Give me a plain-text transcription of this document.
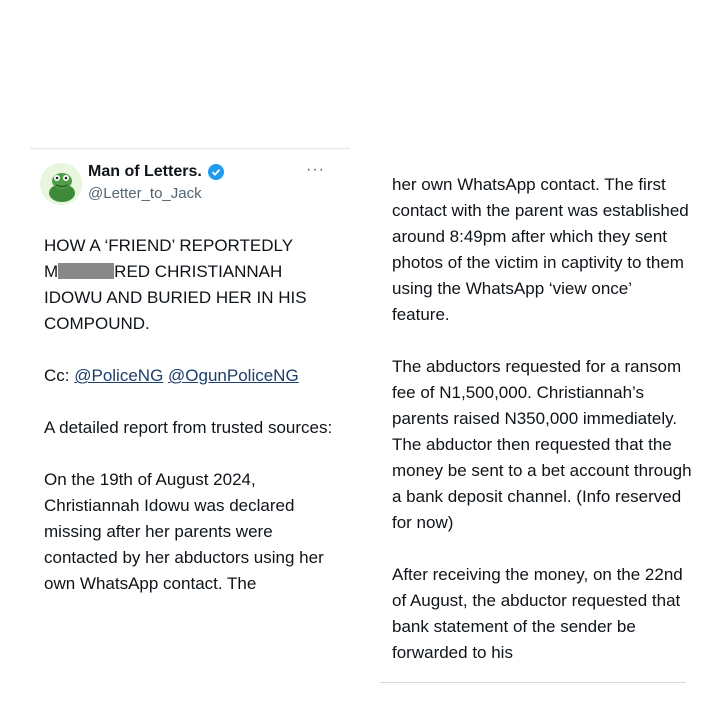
Man of Letters.
@Letter_to_Jack
···

HOW A ‘FRIEND’ REPORTEDLY
M	RED CHRISTIANNAH
IDOWU AND BURIED HER IN HIS
COMPOUND.

Cc: @PoliceNG @OgunPoliceNG

A detailed report from trusted sources:

On the 19th of August 2024, Christiannah Idowu was declared missing after her parents were contacted by her abductors using her own WhatsApp contact. The

her own WhatsApp contact. The first contact with the parent was established around 8:49pm after which they sent photos of the victim in captivity to them using the WhatsApp ‘view once’ feature.

The abductors requested for a ransom fee of N1,500,000. Christiannah’s parents raised N350,000 immediately. The abductor then requested that the money be sent to a bet account through a bank deposit channel. (Info reserved for now)

After receiving the money, on the 22nd of August, the abductor requested that bank statement of the sender be forwarded to his
